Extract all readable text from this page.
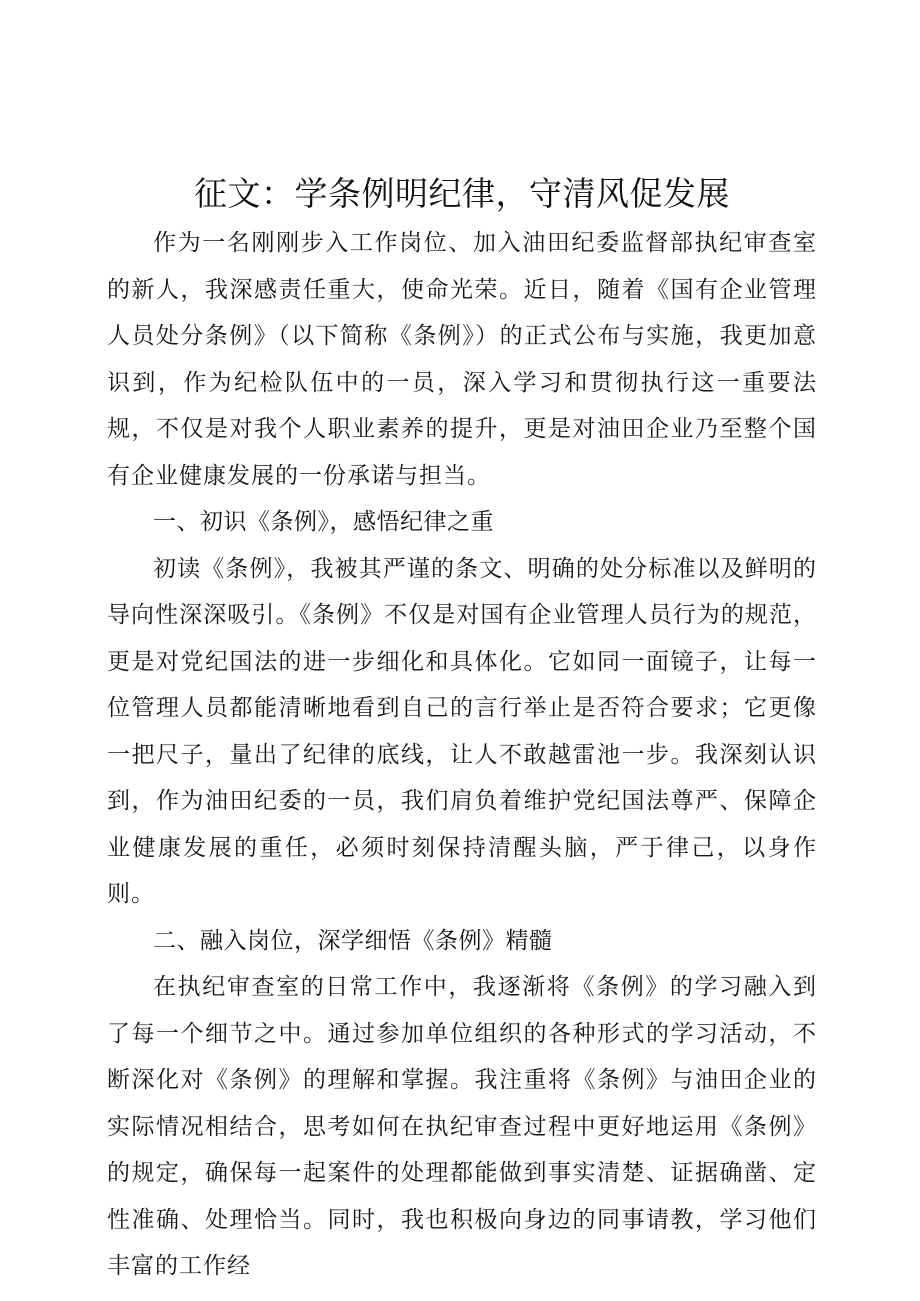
征文：学条例明纪律，守清风促发展

作为一名刚刚步入工作岗位、加入油田纪委监督部执纪审查室的新人，我深感责任重大，使命光荣。近日，随着《国有企业管理人员处分条例》（以下简称《条例》）的正式公布与实施，我更加意识到，作为纪检队伍中的一员，深入学习和贯彻执行这一重要法规，不仅是对我个人职业素养的提升，更是对油田企业乃至整个国有企业健康发展的一份承诺与担当。

一、初识《条例》，感悟纪律之重

初读《条例》，我被其严谨的条文、明确的处分标准以及鲜明的导向性深深吸引。《条例》不仅是对国有企业管理人员行为的规范，更是对党纪国法的进一步细化和具体化。它如同一面镜子，让每一位管理人员都能清晰地看到自己的言行举止是否符合要求；它更像一把尺子，量出了纪律的底线，让人不敢越雷池一步。我深刻认识到，作为油田纪委的一员，我们肩负着维护党纪国法尊严、保障企业健康发展的重任，必须时刻保持清醒头脑，严于律己，以身作则。

二、融入岗位，深学细悟《条例》精髓

在执纪审查室的日常工作中，我逐渐将《条例》的学习融入到了每一个细节之中。通过参加单位组织的各种形式的学习活动，不断深化对《条例》的理解和掌握。我注重将《条例》与油田企业的实际情况相结合，思考如何在执纪审查过程中更好地运用《条例》的规定，确保每一起案件的处理都能做到事实清楚、证据确凿、定性准确、处理恰当。同时，我也积极向身边的同事请教，学习他们丰富的工作经
